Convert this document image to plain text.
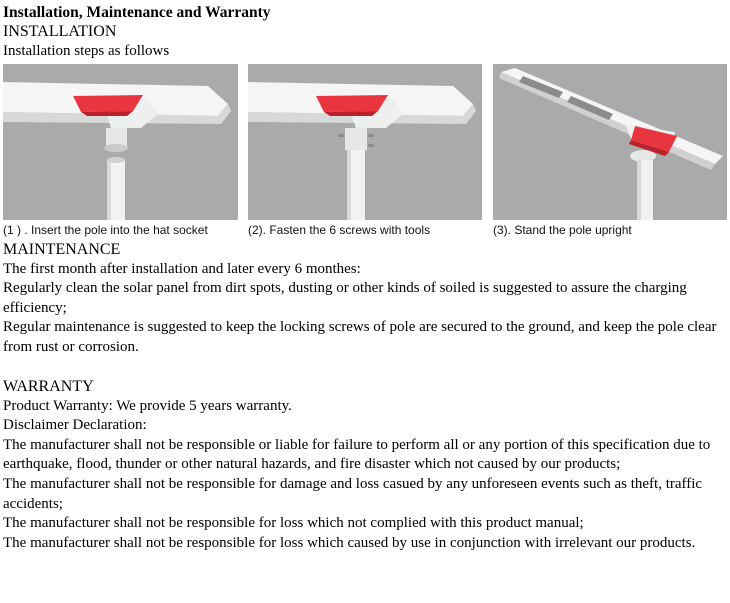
Installation, Maintenance and Warranty

INSTALLATION

Installation steps as follows

(1 ) . Insert the pole into the hat socket	(2). Fasten the 6 screws with tools	(3). Stand the pole upright

MAINTENANCE

The first month after installation and later every 6 monthes:

Regularly clean the solar panel from dirt spots, dusting or other kinds of soiled is suggested to assure the charging efficiency;

Regular maintenance is suggested to keep the locking screws of pole are secured to the ground, and keep the pole clear from rust or corrosion.

WARRANTY

Product Warranty: We provide 5 years warranty.

Disclaimer Declaration:

The manufacturer shall not be responsible or liable for failure to perform all or any portion of this specification due to earthquake, flood, thunder or other natural hazards, and fire disaster which not caused by our products;

The manufacturer shall not be responsible for damage and loss casued by any unforeseen events such as theft, traffic accidents;

The manufacturer shall not be responsible for loss which not complied with this product manual;

The manufacturer shall not be responsible for loss which caused by use in conjunction with irrelevant our products.
